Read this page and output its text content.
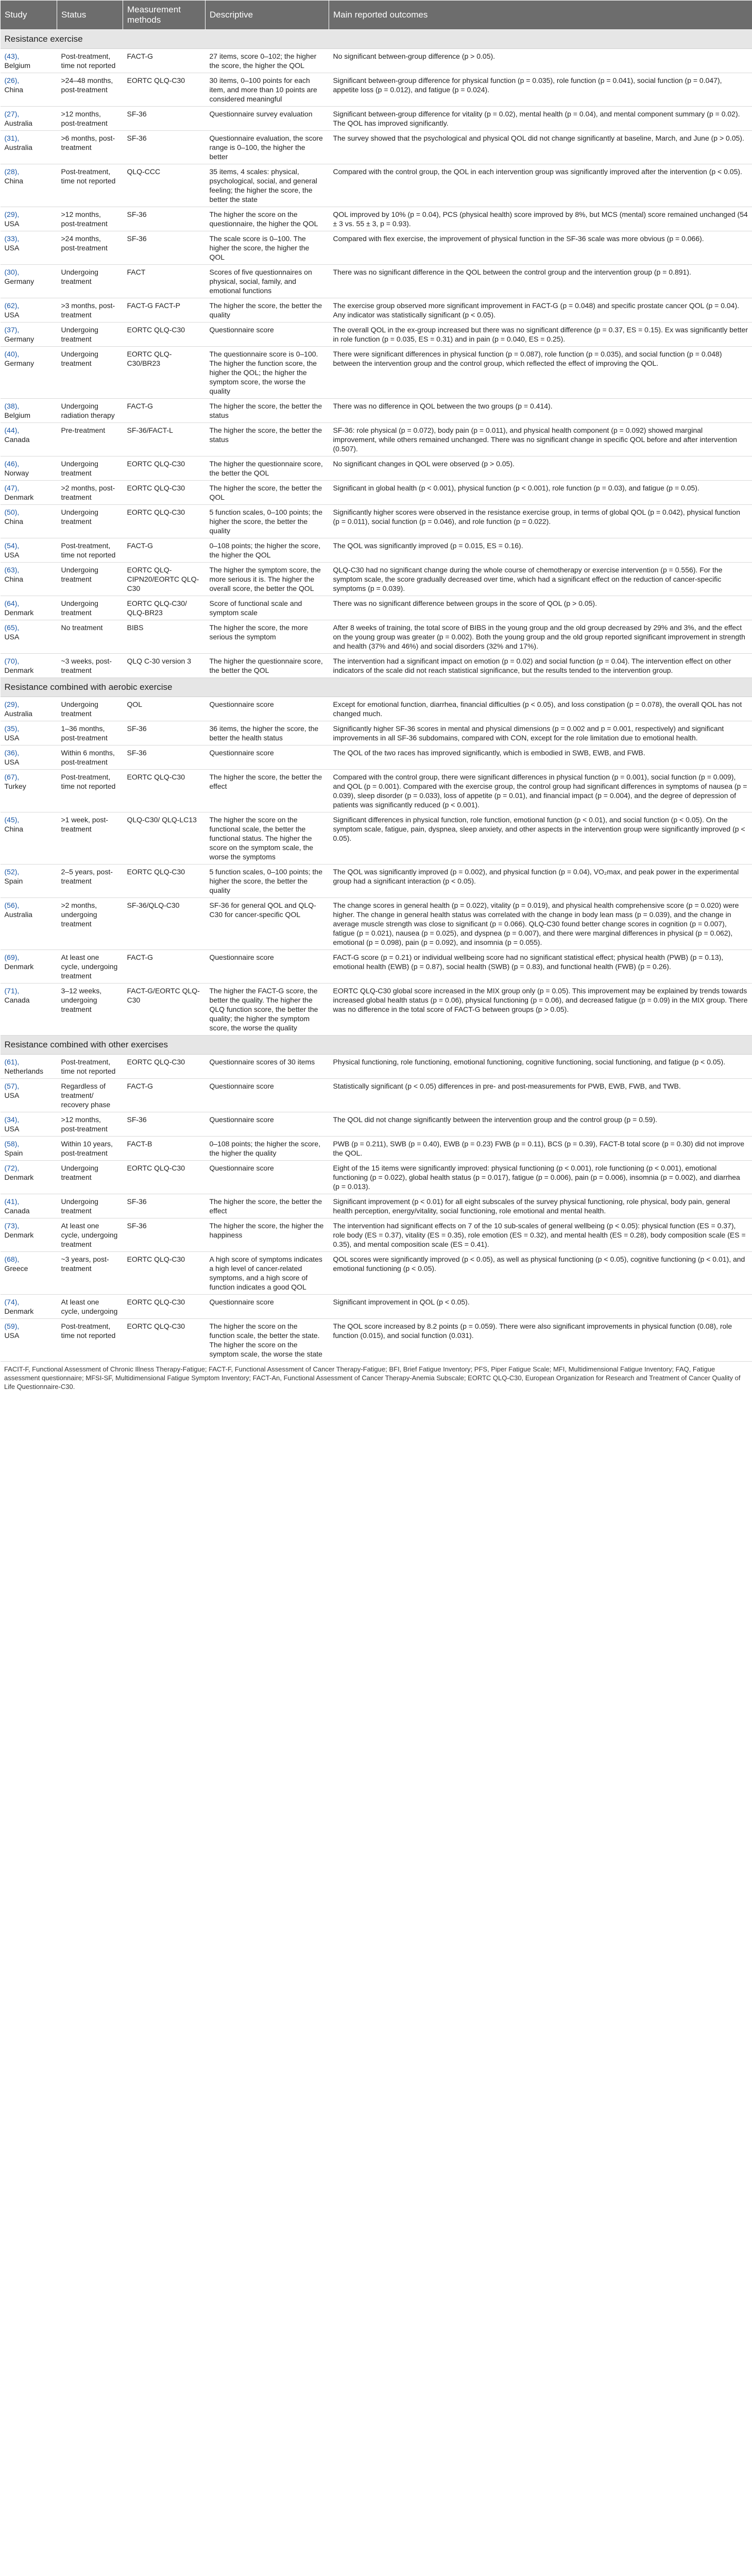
Study	Status	Measurement methods	Descriptive	Main reported outcomes
Resistance exercise				
(43),
Belgium	Post-treatment, time not reported	FACT-G	27 items, score 0–102; the higher the score, the higher the QOL	No significant between-group difference (p > 0.05).
(26),
China	>24–48 months, post-treatment	EORTC QLQ-C30	30 items, 0–100 points for each item, and more than 10 points are considered meaningful	Significant between-group difference for physical function (p = 0.035), role function (p = 0.041), social function (p = 0.047), appetite loss (p = 0.012), and fatigue (p = 0.024).
(27),
Australia	>12 months, post-treatment	SF-36	Questionnaire survey evaluation	Significant between-group difference for vitality (p = 0.02), mental health (p = 0.04), and mental component summary (p = 0.02). The QOL has improved significantly.
(31),
Australia	>6 months, post-treatment	SF-36	Questionnaire evaluation, the score range is 0–100, the higher the better	The survey showed that the psychological and physical QOL did not change significantly at baseline, March, and June (p > 0.05).
(28),
China	Post-treatment, time not reported	QLQ-CCC	35 items, 4 scales: physical, psychological, social, and general feeling; the higher the score, the better the state	Compared with the control group, the QOL in each intervention group was significantly improved after the intervention (p < 0.05).
(29),
USA	>12 months, post-treatment	SF-36	The higher the score on the questionnaire, the higher the QOL	QOL improved by 10% (p = 0.04), PCS (physical health) score improved by 8%, but MCS (mental) score remained unchanged (54 ± 3 vs. 55 ± 3, p = 0.93).
(33),
USA	>24 months, post-treatment	SF-36	The scale score is 0–100. The higher the score, the higher the QOL	Compared with flex exercise, the improvement of physical function in the SF-36 scale was more obvious (p = 0.066).
(30),
Germany	Undergoing treatment	FACT	Scores of five questionnaires on physical, social, family, and emotional functions	There was no significant difference in the QOL between the control group and the intervention group (p = 0.891).
(62),
USA	>3 months, post-treatment	FACT-G FACT-P	The higher the score, the better the quality	The exercise group observed more significant improvement in FACT-G (p = 0.048) and specific prostate cancer QOL (p = 0.04). Any indicator was statistically significant (p < 0.05).
(37),
Germany	Undergoing treatment	EORTC QLQ-C30	Questionnaire score	The overall QOL in the ex-group increased but there was no significant difference (p = 0.37, ES = 0.15). Ex was significantly better in role function (p = 0.035, ES = 0.31) and in pain (p = 0.040, ES = 0.25).
(40),
Germany	Undergoing treatment	EORTC QLQ-C30/BR23	The questionnaire score is 0–100. The higher the function score, the higher the QOL; the higher the symptom score, the worse the quality	There were significant differences in physical function (p = 0.087), role function (p = 0.035), and social function (p = 0.048) between the intervention group and the control group, which reflected the effect of improving the QOL.
(38),
Belgium	Undergoing radiation therapy	FACT-G	The higher the score, the better the status	There was no difference in QOL between the two groups (p = 0.414).
(44),
Canada	Pre-treatment	SF-36/FACT-L	The higher the score, the better the status	SF-36: role physical (p = 0.072), body pain (p = 0.011), and physical health component (p = 0.092) showed marginal improvement, while others remained unchanged. There was no significant change in specific QOL before and after intervention (0.507).
(46),
Norway	Undergoing treatment	EORTC QLQ-C30	The higher the questionnaire score, the better the QOL	No significant changes in QOL were observed (p > 0.05).
(47),
Denmark	>2 months, post-treatment	EORTC QLQ-C30	The higher the score, the better the QOL	Significant in global health (p < 0.001), physical function (p < 0.001), role function (p = 0.03), and fatigue (p = 0.05).
(50),
China	Undergoing treatment	EORTC QLQ-C30	5 function scales, 0–100 points; the higher the score, the better the quality	Significantly higher scores were observed in the resistance exercise group, in terms of global QOL (p = 0.042), physical function (p = 0.011), social function (p = 0.046), and role function (p = 0.022).
(54),
USA	Post-treatment, time not reported	FACT-G	0–108 points; the higher the score, the higher the QOL	The QOL was significantly improved (p = 0.015, ES = 0.16).
(63),
China	Undergoing treatment	EORTC QLQ-CIPN20/EORTC QLQ-C30	The higher the symptom score, the more serious it is. The higher the overall score, the better the QOL	QLQ-C30 had no significant change during the whole course of chemotherapy or exercise intervention (p = 0.556). For the symptom scale, the score gradually decreased over time, which had a significant effect on the reduction of cancer-specific symptoms (p = 0.039).
(64),
Denmark	Undergoing treatment	EORTC QLQ-C30/ QLQ-BR23	Score of functional scale and symptom scale	There was no significant difference between groups in the score of QOL (p > 0.05).
(65),
USA	No treatment	BIBS	The higher the score, the more serious the symptom	After 8 weeks of training, the total score of BIBS in the young group and the old group decreased by 29% and 3%, and the effect on the young group was greater (p = 0.002). Both the young group and the old group reported significant improvement in strength and health (37% and 46%) and social disorders (32% and 17%).
(70),
Denmark	~3 weeks, post-treatment	QLQ C-30 version 3	The higher the questionnaire score, the better the QOL	The intervention had a significant impact on emotion (p = 0.02) and social function (p = 0.04). The intervention effect on other indicators of the scale did not reach statistical significance, but the results tended to the intervention group.
Resistance combined with aerobic exercise				
(29),
Australia	Undergoing treatment	QOL	Questionnaire score	Except for emotional function, diarrhea, financial difficulties (p < 0.05), and loss constipation (p = 0.078), the overall QOL has not changed much.
(35),
USA	1–36 months, post-treatment	SF-36	36 items, the higher the score, the better the health status	Significantly higher SF-36 scores in mental and physical dimensions (p = 0.002 and p = 0.001, respectively) and significant improvements in all SF-36 subdomains, compared with CON, except for the role limitation due to emotional health.
(36),
USA	Within 6 months, post-treatment	SF-36	Questionnaire score	The QOL of the two races has improved significantly, which is embodied in SWB, EWB, and FWB.
(67),
Turkey	Post-treatment, time not reported	EORTC QLQ-C30	The higher the score, the better the effect	Compared with the control group, there were significant differences in physical function (p = 0.001), social function (p = 0.009), and QOL (p = 0.001). Compared with the exercise group, the control group had significant differences in symptoms of nausea (p = 0.039), sleep disorder (p = 0.033), loss of appetite (p = 0.01), and financial impact (p = 0.004), and the degree of depression of patients was significantly reduced (p < 0.001).
(45),
China	>1 week, post-treatment	QLQ-C30/ QLQ-LC13	The higher the score on the functional scale, the better the functional status. The higher the score on the symptom scale, the worse the symptoms	Significant differences in physical function, role function, emotional function (p < 0.01), and social function (p < 0.05). On the symptom scale, fatigue, pain, dyspnea, sleep anxiety, and other aspects in the intervention group were significantly improved (p < 0.05).
(52),
Spain	2–5 years, post-treatment	EORTC QLQ-C30	5 function scales, 0–100 points; the higher the score, the better the quality	The QOL was significantly improved (p = 0.002), and physical function (p = 0.04), VO₂max, and peak power in the experimental group had a significant interaction (p < 0.05).
(56),
Australia	>2 months, undergoing treatment	SF-36/QLQ-C30	SF-36 for general QOL and QLQ-C30 for cancer-specific QOL	The change scores in general health (p = 0.022), vitality (p = 0.019), and physical health comprehensive score (p = 0.020) were higher. The change in general health status was correlated with the change in body lean mass (p = 0.039), and the change in average muscle strength was close to significant (p = 0.066). QLQ-C30 found better change scores in cognition (p = 0.007), fatigue (p = 0.021), nausea (p = 0.025), and dyspnea (p = 0.007), and there were marginal differences in physical (p = 0.062), emotional (p = 0.098), pain (p = 0.092), and insomnia (p = 0.055).
(69),
Denmark	At least one cycle, undergoing treatment	FACT-G	Questionnaire score	FACT-G score (p = 0.21) or individual wellbeing score had no significant statistical effect; physical health (PWB) (p = 0.13), emotional health (EWB) (p = 0.87), social health (SWB) (p = 0.83), and functional health (FWB) (p = 0.26).
(71),
Canada	3–12 weeks, undergoing treatment	FACT-G/EORTC QLQ-C30	The higher the FACT-G score, the better the quality. The higher the QLQ function score, the better the quality; the higher the symptom score, the worse the quality	EORTC QLQ-C30 global score increased in the MIX group only (p = 0.05). This improvement may be explained by trends towards increased global health status (p = 0.06), physical functioning (p = 0.06), and decreased fatigue (p = 0.09) in the MIX group. There was no difference in the total score of FACT-G between groups (p > 0.05).
Resistance combined with other exercises				
(61),
Netherlands	Post-treatment, time not reported	EORTC QLQ-C30	Questionnaire scores of 30 items	Physical functioning, role functioning, emotional functioning, cognitive functioning, social functioning, and fatigue (p < 0.05).
(57),
USA	Regardless of treatment/ recovery phase	FACT-G	Questionnaire score	Statistically significant (p < 0.05) differences in pre- and post-measurements for PWB, EWB, FWB, and TWB.
(34),
USA	>12 months, post-treatment	SF-36	Questionnaire score	The QOL did not change significantly between the intervention group and the control group (p = 0.59).
(58),
Spain	Within 10 years, post-treatment	FACT-B	0–108 points; the higher the score, the higher the quality	PWB (p = 0.211), SWB (p = 0.40), EWB (p = 0.23) FWB (p = 0.11), BCS (p = 0.39), FACT-B total score (p = 0.30) did not improve the QOL.
(72),
Denmark	Undergoing treatment	EORTC QLQ-C30	Questionnaire score	Eight of the 15 items were significantly improved: physical functioning (p < 0.001), role functioning (p < 0.001), emotional functioning (p = 0.022), global health status (p = 0.017), fatigue (p = 0.006), pain (p = 0.006), insomnia (p = 0.002), and diarrhea (p = 0.013).
(41),
Canada	Undergoing treatment	SF-36	The higher the score, the better the effect	Significant improvement (p < 0.01) for all eight subscales of the survey physical functioning, role physical, body pain, general health perception, energy/vitality, social functioning, role emotional and mental health.
(73),
Denmark	At least one cycle, undergoing treatment	SF-36	The higher the score, the higher the happiness	The intervention had significant effects on 7 of the 10 sub-scales of general wellbeing (p < 0.05): physical function (ES = 0.37), role body (ES = 0.37), vitality (ES = 0.35), role emotion (ES = 0.32), and mental health (ES = 0.28), body composition scale (ES = 0.35), and mental composition scale (ES = 0.41).
(68),
Greece	~3 years, post-treatment	EORTC QLQ-C30	A high score of symptoms indicates a high level of cancer-related symptoms, and a high score of function indicates a good QOL	QOL scores were significantly improved (p < 0.05), as well as physical functioning (p < 0.05), cognitive functioning (p < 0.01), and emotional functioning (p < 0.05).
(74),
Denmark	At least one cycle, undergoing	EORTC QLQ-C30	Questionnaire score	Significant improvement in QOL (p < 0.05).
(59),
USA	Post-treatment, time not reported	EORTC QLQ-C30	The higher the score on the function scale, the better the state. The higher the score on the symptom scale, the worse the state	The QOL score increased by 8.2 points (p = 0.059). There were also significant improvements in physical function (0.08), role function (0.015), and social function (0.031).
FACIT-F, Functional Assessment of Chronic Illness Therapy-Fatigue; FACT-F, Functional Assessment of Cancer Therapy-Fatigue; BFI, Brief Fatigue Inventory; PFS, Piper Fatigue Scale; MFI, Multidimensional Fatigue Inventory; FAQ, Fatigue assessment questionnaire; MFSI-SF, Multidimensional Fatigue Symptom Inventory; FACT-An, Functional Assessment of Cancer Therapy-Anemia Subscale; EORTC QLQ-C30, European Organization for Research and Treatment of Cancer Quality of Life Questionnaire-C30.
